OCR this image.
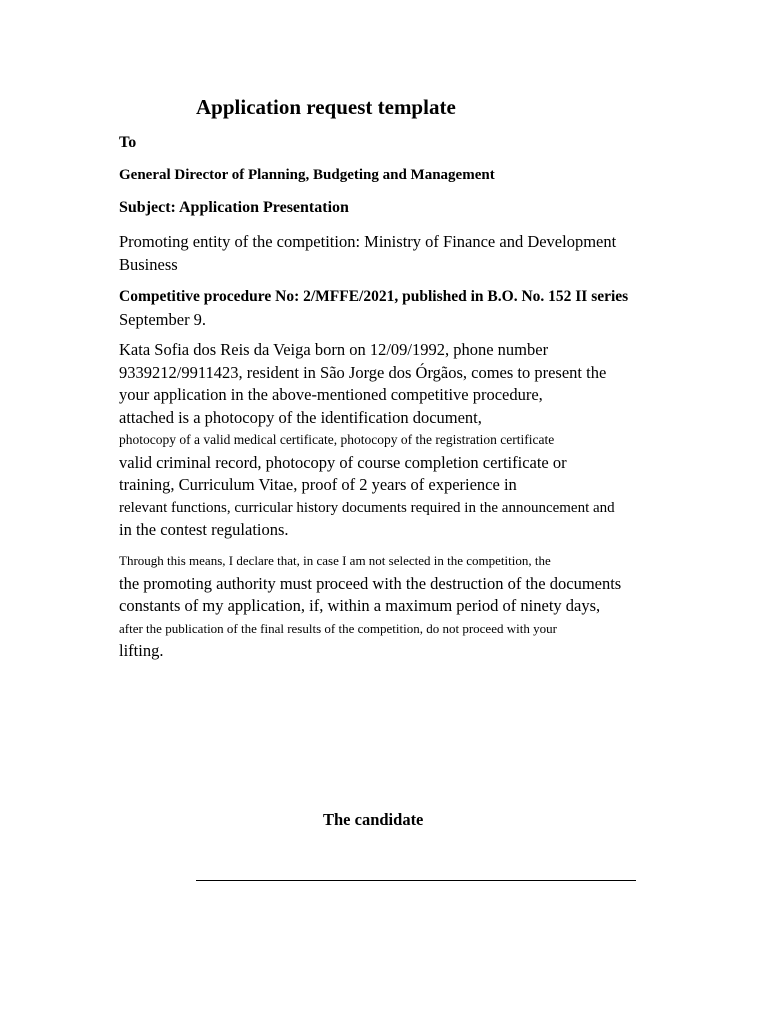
Application request template
To
General Director of Planning, Budgeting and Management
Subject: Application Presentation
Promoting entity of the competition: Ministry of Finance and Development
Business
Competitive procedure No: 2/MFFE/2021, published in B.O. No. 152 II series
September 9.
Kata Sofia dos Reis da Veiga born on 12/09/1992, phone number
9339212/9911423, resident in São Jorge dos Órgãos, comes to present the
your application in the above-mentioned competitive procedure,
attached is a photocopy of the identification document,
photocopy of a valid medical certificate, photocopy of the registration certificate
valid criminal record, photocopy of course completion certificate or
training, Curriculum Vitae, proof of 2 years of experience in
relevant functions, curricular history documents required in the announcement and
in the contest regulations.
Through this means, I declare that, in case I am not selected in the competition, the
the promoting authority must proceed with the destruction of the documents
constants of my application, if, within a maximum period of ninety days,
after the publication of the final results of the competition, do not proceed with your
lifting.
The candidate
